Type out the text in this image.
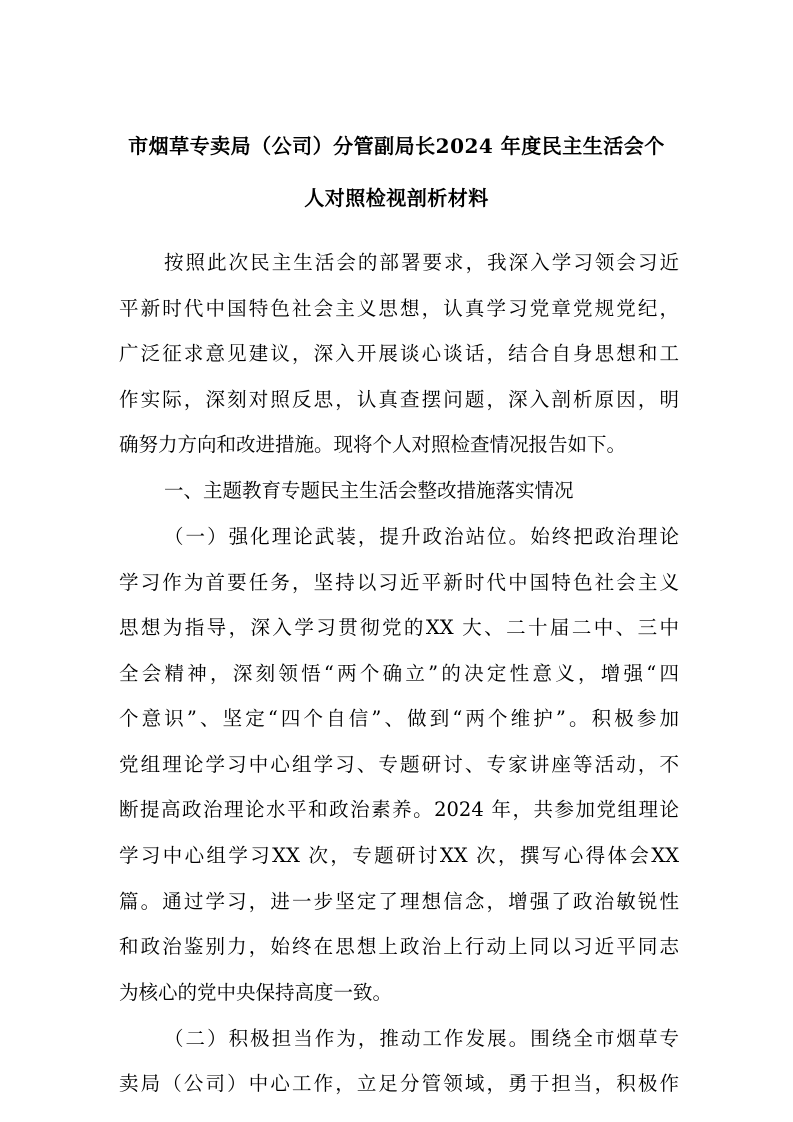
市烟草专卖局（公司）分管副局长2024 年度民主生活会个
人对照检视剖析材料
按照此次民主生活会的部署要求，我深入学习领会习近
平新时代中国特色社会主义思想，认真学习党章党规党纪，
广泛征求意见建议，深入开展谈心谈话，结合自身思想和工
作实际，深刻对照反思，认真查摆问题，深入剖析原因，明
确努力方向和改进措施。现将个人对照检查情况报告如下。
一、主题教育专题民主生活会整改措施落实情况
（一）强化理论武装，提升政治站位。始终把政治理论
学习作为首要任务，坚持以习近平新时代中国特色社会主义
思想为指导，深入学习贯彻党的XX 大、二十届二中、三中
全会精神，深刻领悟“两个确立”的决定性意义，增强“四
个意识”、坚定“四个自信”、做到“两个维护”。积极参加
党组理论学习中心组学习、专题研讨、专家讲座等活动，不
断提高政治理论水平和政治素养。2024 年，共参加党组理论
学习中心组学习XX 次，专题研讨XX 次，撰写心得体会XX
篇。通过学习，进一步坚定了理想信念，增强了政治敏锐性
和政治鉴别力，始终在思想上政治上行动上同以习近平同志
为核心的党中央保持高度一致。
（二）积极担当作为，推动工作发展。围绕全市烟草专
卖局（公司）中心工作，立足分管领域，勇于担当，积极作
